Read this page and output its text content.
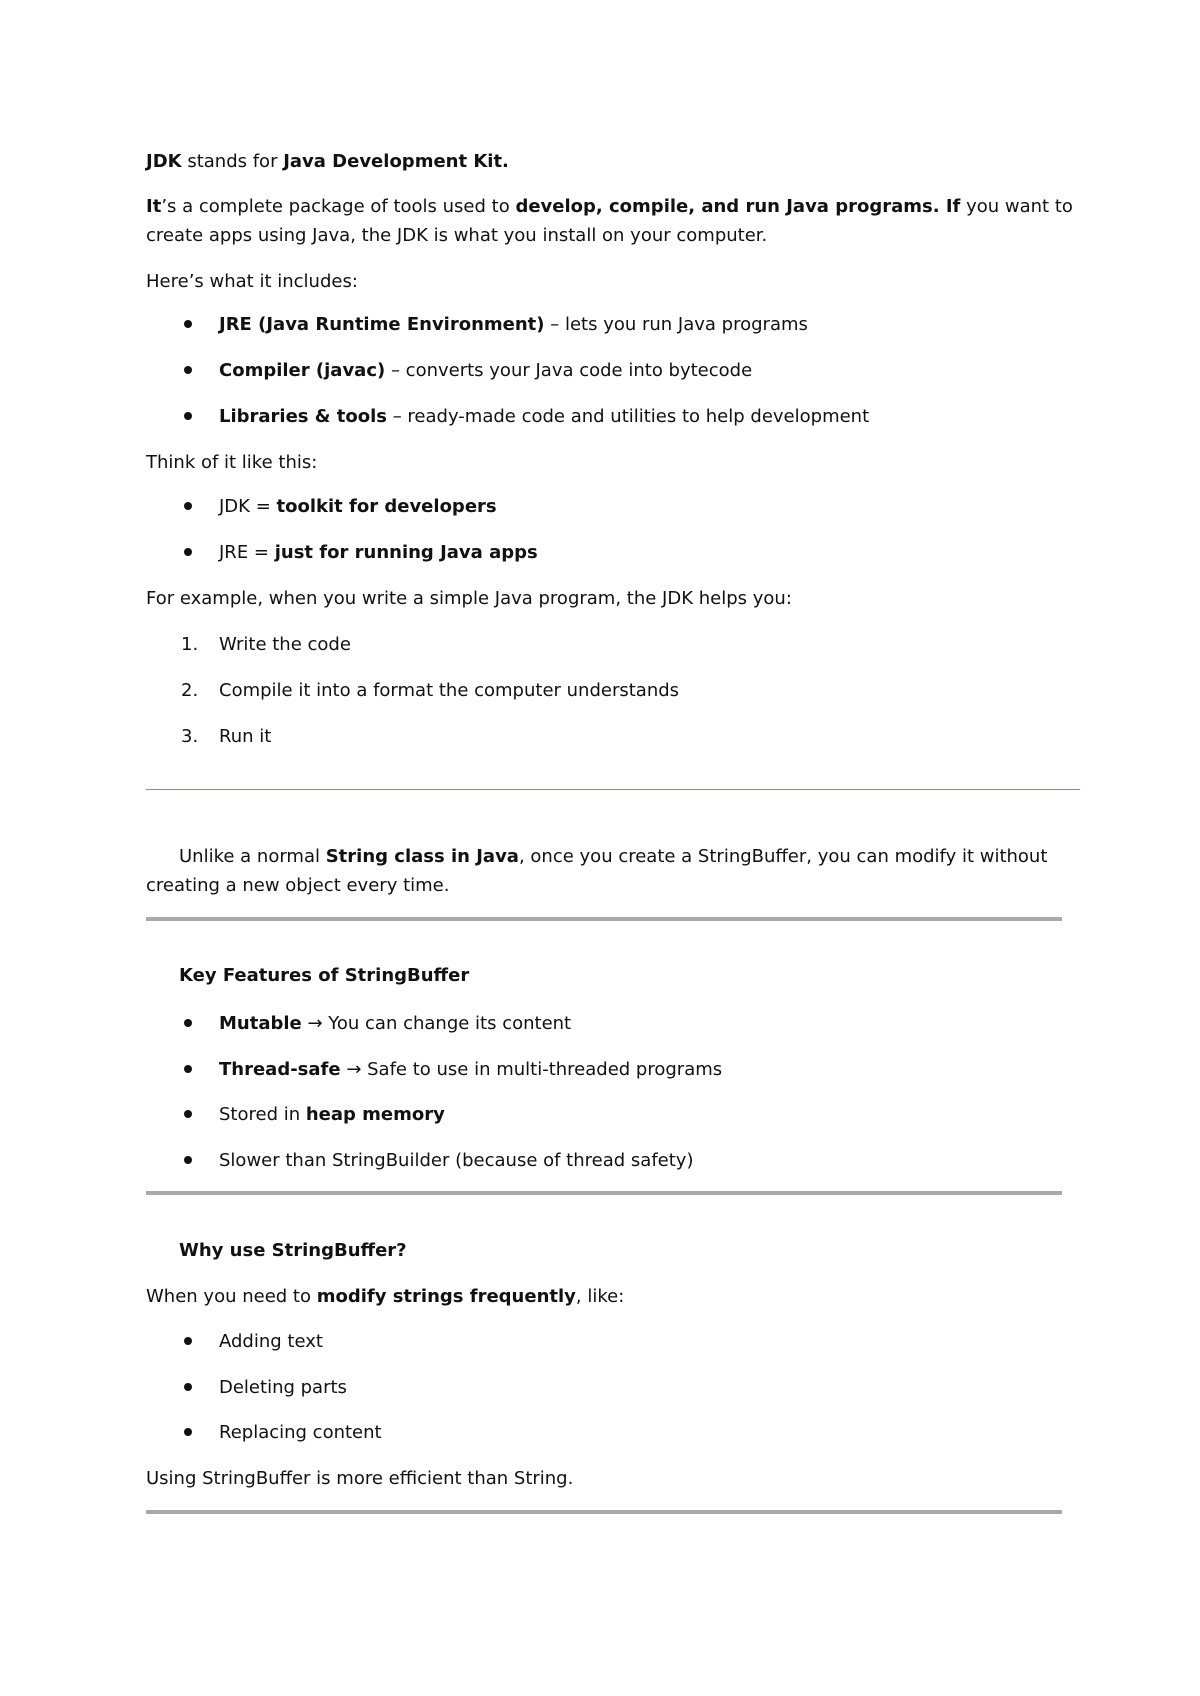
JDK stands for Java Development Kit.
It’s a complete package of tools used to develop, compile, and run Java programs. If you want to
create apps using Java, the JDK is what you install on your computer.
Here’s what it includes:
JRE (Java Runtime Environment) – lets you run Java programs
Compiler (javac) – converts your Java code into bytecode
Libraries & tools – ready-made code and utilities to help development
Think of it like this:
JDK = toolkit for developers
JRE = just for running Java apps
For example, when you write a simple Java program, the JDK helps you:
1. Write the code
2. Compile it into a format the computer understands
3. Run it
Unlike a normal String class in Java, once you create a StringBuffer, you can modify it without
creating a new object every time.
Key Features of StringBuffer
Mutable → You can change its content
Thread-safe → Safe to use in multi-threaded programs
Stored in heap memory
Slower than StringBuilder (because of thread safety)
Why use StringBuffer?
When you need to modify strings frequently, like:
Adding text
Deleting parts
Replacing content
Using StringBuffer is more efficient than String.
